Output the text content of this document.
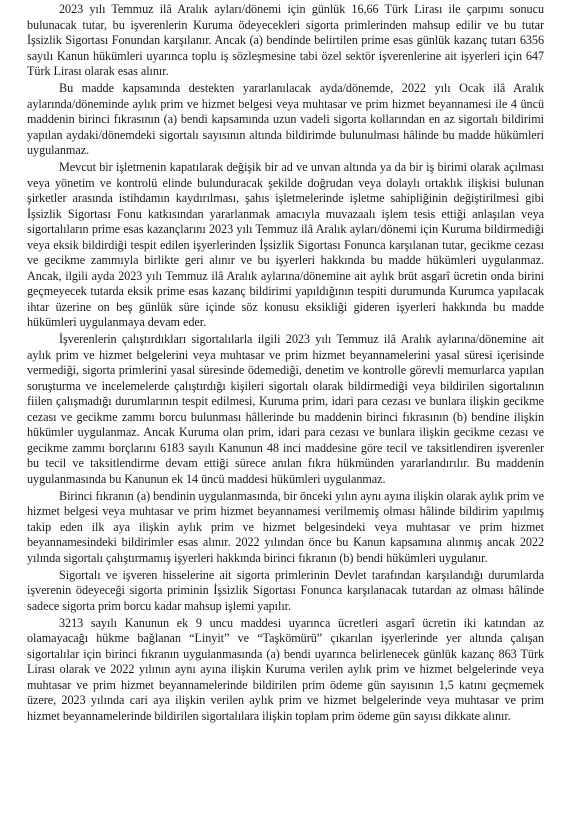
2023 yılı Temmuz ilâ Aralık ayları/dönemi için günlük 16,66 Türk Lirası ile çarpımı sonucu bulunacak tutar, bu işverenlerin Kuruma ödeyecekleri sigorta primlerinden mahsup edilir ve bu tutar İşsizlik Sigortası Fonundan karşılanır. Ancak (a) bendinde belirtilen prime esas günlük kazanç tutarı 6356 sayılı Kanun hükümleri uyarınca toplu iş sözleşmesine tabi özel sektör işverenlerine ait işyerleri için 647 Türk Lirası olarak esas alınır.

Bu madde kapsamında destekten yararlanılacak ayda/dönemde, 2022 yılı Ocak ilâ Aralık aylarında/döneminde aylık prim ve hizmet belgesi veya muhtasar ve prim hizmet beyannamesi ile 4 üncü maddenin birinci fıkrasının (a) bendi kapsamında uzun vadeli sigorta kollarından en az sigortalı bildirimi yapılan aydaki/dönemdeki sigortalı sayısının altında bildirimde bulunulması hâlinde bu madde hükümleri uygulanmaz.

Mevcut bir işletmenin kapatılarak değişik bir ad ve unvan altında ya da bir iş birimi olarak açılması veya yönetim ve kontrolü elinde bulunduracak şekilde doğrudan veya dolaylı ortaklık ilişkisi bulunan şirketler arasında istihdamın kaydırılması, şahıs işletmelerinde işletme sahipliğinin değiştirilmesi gibi İşsizlik Sigortası Fonu katkısından yararlanmak amacıyla muvazaalı işlem tesis ettiği anlaşılan veya sigortalıların prime esas kazançlarını 2023 yılı Temmuz ilâ Aralık ayları/dönemi için Kuruma bildirmediği veya eksik bildirdiği tespit edilen işyerlerinden İşsizlik Sigortası Fonunca karşılanan tutar, gecikme cezası ve gecikme zammıyla birlikte geri alınır ve bu işyerleri hakkında bu madde hükümleri uygulanmaz. Ancak, ilgili ayda 2023 yılı Temmuz ilâ Aralık aylarına/dönemine ait aylık brüt asgarî ücretin onda birini geçmeyecek tutarda eksik prime esas kazanç bildirimi yapıldığının tespiti durumunda Kurumca yapılacak ihtar üzerine on beş günlük süre içinde söz konusu eksikliği gideren işyerleri hakkında bu madde hükümleri uygulanmaya devam eder.

İşverenlerin çalıştırdıkları sigortalılarla ilgili 2023 yılı Temmuz ilâ Aralık aylarına/dönemine ait aylık prim ve hizmet belgelerini veya muhtasar ve prim hizmet beyannamelerini yasal süresi içerisinde vermediği, sigorta primlerini yasal süresinde ödemediği, denetim ve kontrolle görevli memurlarca yapılan soruşturma ve incelemelerde çalıştırdığı kişileri sigortalı olarak bildirmediği veya bildirilen sigortalının fiilen çalışmadığı durumlarının tespit edilmesi, Kuruma prim, idari para cezası ve bunlara ilişkin gecikme cezası ve gecikme zammı borcu bulunması hâllerinde bu maddenin birinci fıkrasının (b) bendine ilişkin hükümler uygulanmaz. Ancak Kuruma olan prim, idari para cezası ve bunlara ilişkin gecikme cezası ve gecikme zammı borçlarını 6183 sayılı Kanunun 48 inci maddesine göre tecil ve taksitlendiren işverenler bu tecil ve taksitlendirme devam ettiği sürece anılan fıkra hükmünden yararlandırılır. Bu maddenin uygulanmasında bu Kanunun ek 14 üncü maddesi hükümleri uygulanmaz.

Birinci fıkranın (a) bendinin uygulanmasında, bir önceki yılın aynı ayına ilişkin olarak aylık prim ve hizmet belgesi veya muhtasar ve prim hizmet beyannamesi verilmemiş olması hâlinde bildirim yapılmış takip eden ilk aya ilişkin aylık prim ve hizmet belgesindeki veya muhtasar ve prim hizmet beyannamesindeki bildirimler esas alınır. 2022 yılından önce bu Kanun kapsamına alınmış ancak 2022 yılında sigortalı çalıştırmamış işyerleri hakkında birinci fıkranın (b) bendi hükümleri uygulanır.

Sigortalı ve işveren hisselerine ait sigorta primlerinin Devlet tarafından karşılandığı durumlarda işverenin ödeyeceği sigorta priminin İşsizlik Sigortası Fonunca karşılanacak tutardan az olması hâlinde sadece sigorta prim borcu kadar mahsup işlemi yapılır.

3213 sayılı Kanunun ek 9 uncu maddesi uyarınca ücretleri asgarî ücretin iki katından az olamayacağı hükme bağlanan “Linyit” ve “Taşkömürü” çıkarılan işyerlerinde yer altında çalışan sigortalılar için birinci fıkranın uygulanmasında (a) bendi uyarınca belirlenecek günlük kazanç 863 Türk Lirası olarak ve 2022 yılının aynı ayına ilişkin Kuruma verilen aylık prim ve hizmet belgelerinde veya muhtasar ve prim hizmet beyannamelerinde bildirilen prim ödeme gün sayısının 1,5 katını geçmemek üzere, 2023 yılında cari aya ilişkin verilen aylık prim ve hizmet belgelerinde veya muhtasar ve prim hizmet beyannamelerinde bildirilen sigortalılara ilişkin toplam prim ödeme gün sayısı dikkate alınır.
